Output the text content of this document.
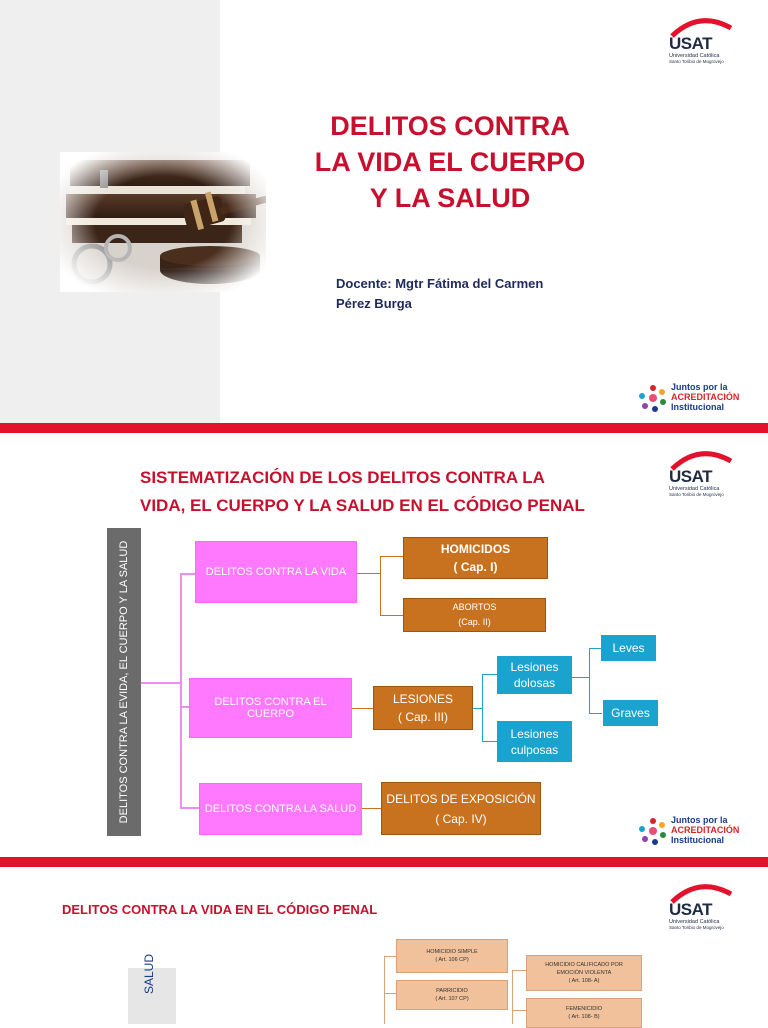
DELITOS CONTRA
LA VIDA EL CUERPO
Y LA SALUD
Docente: Mgtr Fátima del Carmen
Pérez Burga
USAT
Universidad Católica
Santo Toribio de Mogrovejo
Juntos por la
ACREDITACIÓN
Institucional
SISTEMATIZACIÓN DE LOS DELITOS CONTRA LA
VIDA, EL CUERPO Y LA SALUD EN EL CÓDIGO PENAL
USAT
Universidad Católica
Santo Toribio de Mogrovejo
DELITOS CONTRA LA EVIDA, EL CUERPO Y LA SALUD	DELITOS CONTRA LA VIDA
DELITOS CONTRA EL CUERPO
DELITOS CONTRA LA SALUD
HOMICIDOS
( Cap. I)
ABORTOS
(Cap. II)
LESIONES
( Cap. III)
DELITOS DE EXPOSICIÓN
( Cap. IV)
Lesiones
dolosas
Lesiones
culposas
Leves
Graves
Juntos por la
ACREDITACIÓN
Institucional
DELITOS CONTRA LA VIDA EN EL CÓDIGO PENAL	USAT
Universidad Católica
Santo Toribio de Mogrovejo
SALUD
HOMICIDIO SIMPLE
( Art. 106 CP)
PARRICIDIO
( Art. 107 CP)
HOMICIDIO CALIFICADO POR
EMOCIÓN VIOLENTA
( Art. 108- A)
FEMENICIDIO
( Art. 108- B)
